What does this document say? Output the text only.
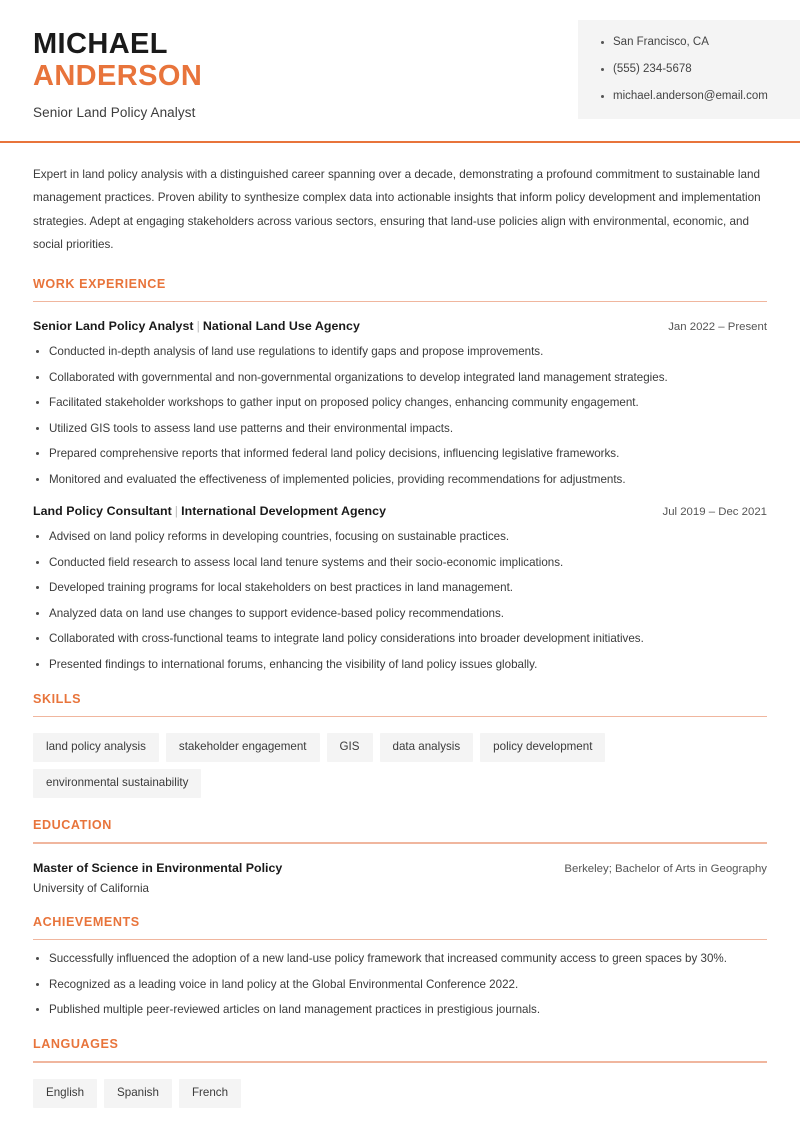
MICHAEL
ANDERSON
Senior Land Policy Analyst
San Francisco, CA
(555) 234-5678
michael.anderson@email.com

Expert in land policy analysis with a distinguished career spanning over a decade, demonstrating a profound commitment to sustainable land management practices. Proven ability to synthesize complex data into actionable insights that inform policy development and implementation strategies. Adept at engaging stakeholders across various sectors, ensuring that land-use policies align with environmental, economic, and social priorities.

WORK EXPERIENCE
Senior Land Policy Analyst | National Land Use Agency	Jan 2022 – Present
Conducted in-depth analysis of land use regulations to identify gaps and propose improvements.
Collaborated with governmental and non-governmental organizations to develop integrated land management strategies.
Facilitated stakeholder workshops to gather input on proposed policy changes, enhancing community engagement.
Utilized GIS tools to assess land use patterns and their environmental impacts.
Prepared comprehensive reports that informed federal land policy decisions, influencing legislative frameworks.
Monitored and evaluated the effectiveness of implemented policies, providing recommendations for adjustments.
Land Policy Consultant | International Development Agency	Jul 2019 – Dec 2021
Advised on land policy reforms in developing countries, focusing on sustainable practices.
Conducted field research to assess local land tenure systems and their socio-economic implications.
Developed training programs for local stakeholders on best practices in land management.
Analyzed data on land use changes to support evidence-based policy recommendations.
Collaborated with cross-functional teams to integrate land policy considerations into broader development initiatives.
Presented findings to international forums, enhancing the visibility of land policy issues globally.
SKILLS
land policy analysis	stakeholder engagement	GIS	data analysis	policy development
environmental sustainability
EDUCATION
Master of Science in Environmental Policy	Berkeley; Bachelor of Arts in Geography
University of California
ACHIEVEMENTS
Successfully influenced the adoption of a new land-use policy framework that increased community access to green spaces by 30%.
Recognized as a leading voice in land policy at the Global Environmental Conference 2022.
Published multiple peer-reviewed articles on land management practices in prestigious journals.
LANGUAGES
English	Spanish	French
